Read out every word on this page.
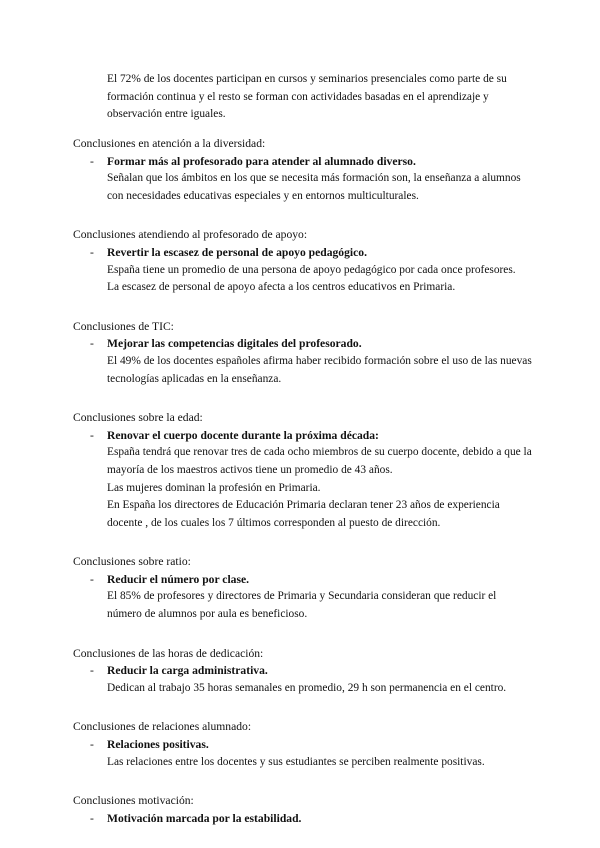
El 72% de los docentes participan en cursos y seminarios presenciales como parte de su formación continua y el resto se forman con actividades basadas en el aprendizaje y observación entre iguales.
Conclusiones en atención a la diversidad:
- Formar más al profesorado para atender al alumnado diverso.
Señalan que los ámbitos en los que se necesita más formación son, la enseñanza a alumnos con necesidades educativas especiales y en entornos multiculturales.
Conclusiones atendiendo al profesorado de apoyo:
- Revertir la escasez de personal de apoyo pedagógico.
España tiene un promedio de una persona de apoyo pedagógico por cada once profesores.
La escasez de personal de apoyo afecta a los centros educativos en Primaria.
Conclusiones de TIC:
- Mejorar las competencias digitales del profesorado.
El 49% de los docentes españoles afirma haber recibido formación sobre el uso de las nuevas tecnologías aplicadas en la enseñanza.
Conclusiones sobre la edad:
- Renovar el cuerpo docente durante la próxima década:
España tendrá que renovar tres de cada ocho miembros de su cuerpo docente, debido a que la mayoría de los maestros activos tiene un promedio de 43 años.
Las mujeres dominan la profesión en Primaria.
En España los directores de Educación Primaria declaran tener 23 años de experiencia docente , de los cuales los 7 últimos corresponden al puesto de dirección.
Conclusiones sobre ratio:
- Reducir el número por clase.
El 85% de profesores y directores de Primaria y Secundaria consideran que reducir el número de alumnos por aula es beneficioso.
Conclusiones de las horas de dedicación:
- Reducir la carga administrativa.
Dedican al trabajo 35 horas semanales en promedio, 29 h son permanencia en el centro.
Conclusiones de relaciones alumnado:
- Relaciones positivas.
Las relaciones entre los docentes y sus estudiantes se perciben realmente positivas.
Conclusiones motivación:
- Motivación marcada por la estabilidad.
